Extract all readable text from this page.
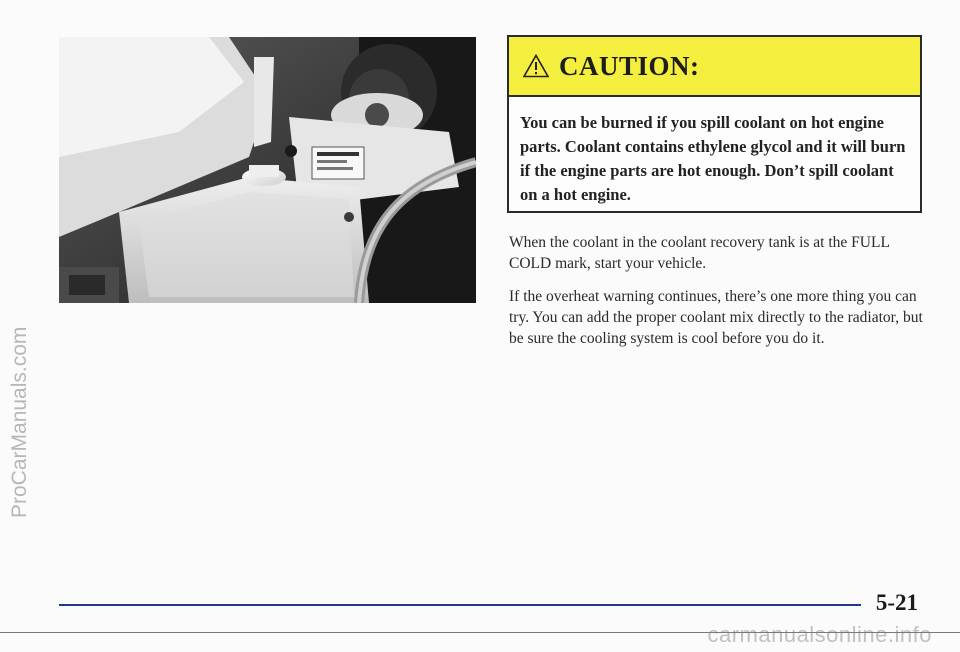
ProCarManuals.com
CAUTION:
You can be burned if you spill coolant on hot engine parts. Coolant contains ethylene glycol and it will burn if the engine parts are hot enough. Don’t spill coolant on a hot engine.

When the coolant in the coolant recovery tank is at the FULL COLD mark, start your vehicle.

If the overheat warning continues, there’s one more thing you can try. You can add the proper coolant mix directly to the radiator, but be sure the cooling system is cool before you do it.

5-21
carmanualsonline.info
